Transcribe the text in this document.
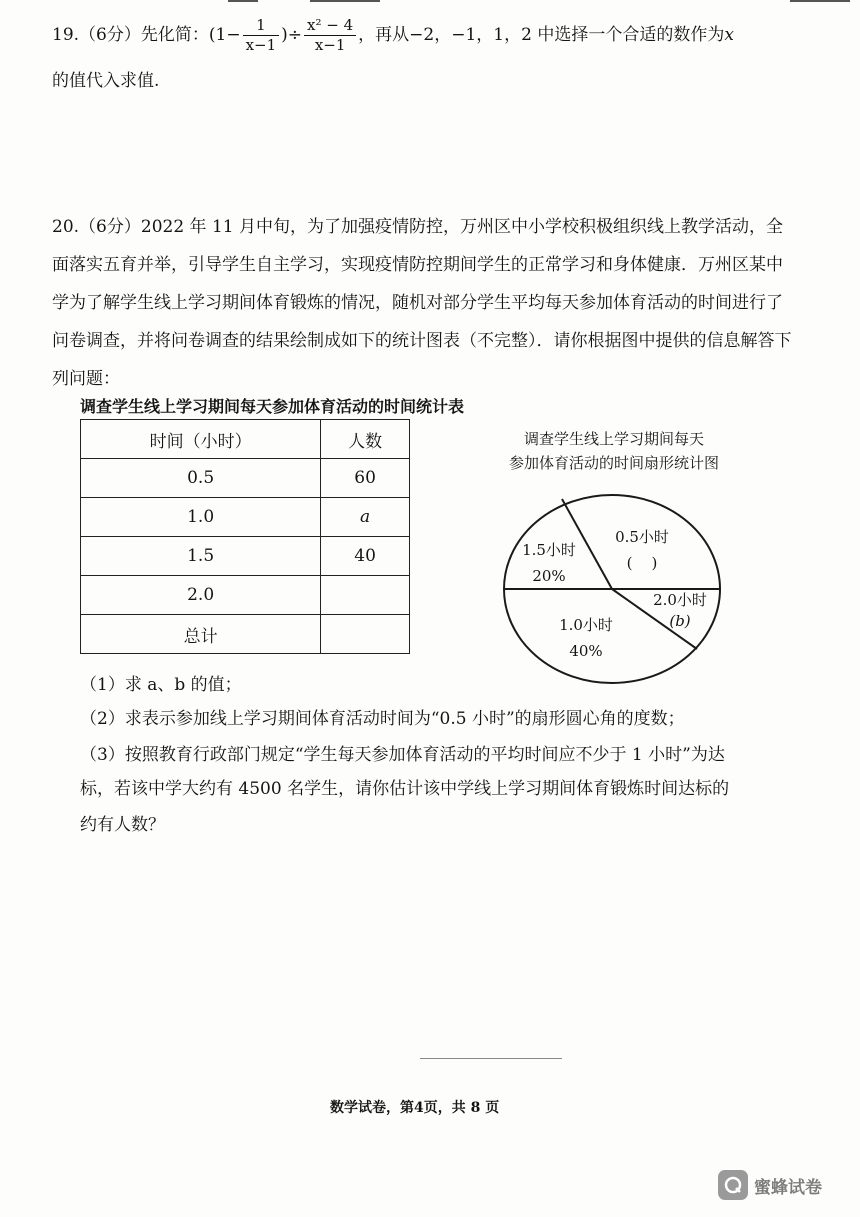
19.（6分）先化简：($1- \frac{1}{x-1}$ )÷ $\frac{\text{x² − 4}}{x-1}$ ，再从−2，−1，1，2 中选择一个合适的数作为x
的值代入求值.
20.（6分）2022 年 11 月中旬，为了加强疫情防控，万州区中小学校积极组织线上教学活动，全面落实五育并举，引导学生自主学习，实现疫情防控期间学生的正常学习和身体健康．万州区某中学为了解学生线上学习期间体育锻炼的情况，随机对部分学生平均每天参加体育活动的时间进行了问卷调查，并将问卷调查的结果绘制成如下的统计图表（不完整）．请你根据图中提供的信息解答下列问题：
调查学生线上学习期间每天参加体育活动的时间统计表
时间（小时）	人数
0.5	60
1.0	a
1.5	40
2.0	
总计	
调查学生线上学习期间每天
参加体育活动的时间扇形统计图
0.5小时
(    )
1.5小时
20%
1.0小时
40%
2.0小时
(b)
（1）求 a、b 的值；
（2）求表示参加线上学习期间体育活动时间为“0.5 小时”的扇形圆心角的度数；
（3）按照教育行政部门规定“学生每天参加体育活动的平均时间应不少于 1 小时”为达
标，若该中学大约有 4500 名学生，请你估计该中学线上学习期间体育锻炼时间达标的
约有人数？
数学试卷，第4页，共 8 页
蜜蜂试卷
